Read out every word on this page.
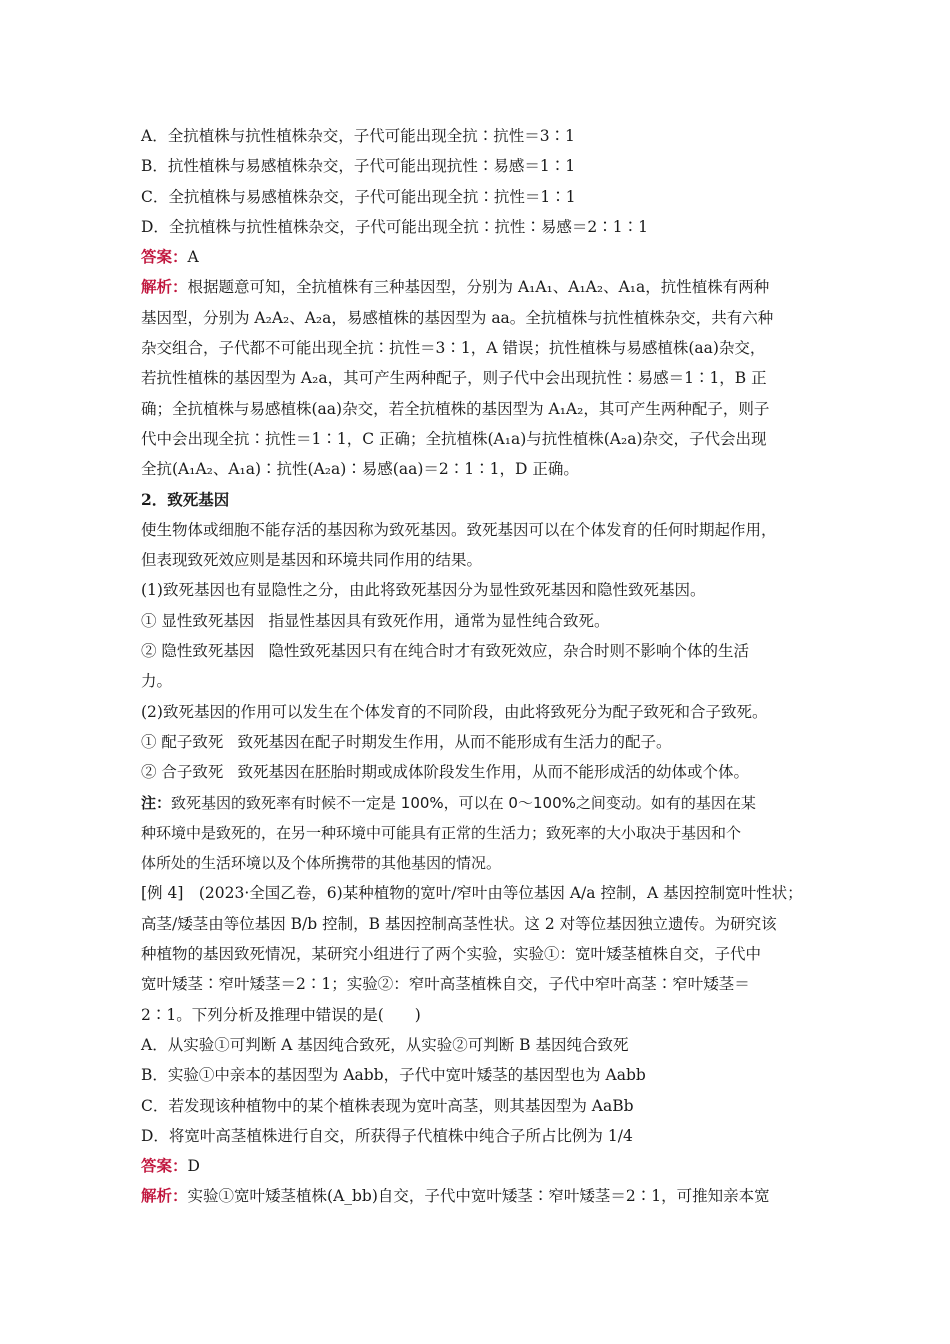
A．全抗植株与抗性植株杂交，子代可能出现全抗∶抗性＝3∶1
B．抗性植株与易感植株杂交，子代可能出现抗性∶易感＝1∶1
C．全抗植株与易感植株杂交，子代可能出现全抗∶抗性＝1∶1
D．全抗植株与抗性植株杂交，子代可能出现全抗∶抗性∶易感＝2∶1∶1
答案：A
解析：根据题意可知，全抗植株有三种基因型，分别为 A₁A₁、A₁A₂、A₁a，抗性植株有两种
基因型，分别为 A₂A₂、A₂a，易感植株的基因型为 aa。全抗植株与抗性植株杂交，共有六种
杂交组合，子代都不可能出现全抗∶抗性＝3∶1，A 错误；抗性植株与易感植株(aa)杂交，
若抗性植株的基因型为 A₂a，其可产生两种配子，则子代中会出现抗性∶易感＝1∶1，B 正
确；全抗植株与易感植株(aa)杂交，若全抗植株的基因型为 A₁A₂，其可产生两种配子，则子
代中会出现全抗∶抗性＝1∶1，C 正确；全抗植株(A₁a)与抗性植株(A₂a)杂交，子代会出现
全抗(A₁A₂、A₁a)∶抗性(A₂a)∶易感(aa)＝2∶1∶1，D 正确。
2．致死基因
使生物体或细胞不能存活的基因称为致死基因。致死基因可以在个体发育的任何时期起作用，
但表现致死效应则是基因和环境共同作用的结果。
(1)致死基因也有显隐性之分，由此将致死基因分为显性致死基因和隐性致死基因。
① 显性致死基因 指显性基因具有致死作用，通常为显性纯合致死。
② 隐性致死基因 隐性致死基因只有在纯合时才有致死效应，杂合时则不影响个体的生活
力。
(2)致死基因的作用可以发生在个体发育的不同阶段，由此将致死分为配子致死和合子致死。
① 配子致死 致死基因在配子时期发生作用，从而不能形成有生活力的配子。
② 合子致死 致死基因在胚胎时期或成体阶段发生作用，从而不能形成活的幼体或个体。
注：致死基因的致死率有时候不一定是 100%，可以在 0～100%之间变动。如有的基因在某
种环境中是致死的，在另一种环境中可能具有正常的生活力；致死率的大小取决于基因和个
体所处的生活环境以及个体所携带的其他基因的情况。
[例 4]　(2023·全国乙卷，6)某种植物的宽叶/窄叶由等位基因 A/a 控制，A 基因控制宽叶性状；
高茎/矮茎由等位基因 B/b 控制，B 基因控制高茎性状。这 2 对等位基因独立遗传。为研究该
种植物的基因致死情况，某研究小组进行了两个实验，实验①：宽叶矮茎植株自交，子代中
宽叶矮茎∶窄叶矮茎＝2∶1；实验②：窄叶高茎植株自交，子代中窄叶高茎∶窄叶矮茎＝
2∶1。下列分析及推理中错误的是(　　)
A．从实验①可判断 A 基因纯合致死，从实验②可判断 B 基因纯合致死
B．实验①中亲本的基因型为 Aabb，子代中宽叶矮茎的基因型也为 Aabb
C．若发现该种植物中的某个植株表现为宽叶高茎，则其基因型为 AaBb
D．将宽叶高茎植株进行自交，所获得子代植株中纯合子所占比例为 1/4
答案：D
解析：实验①宽叶矮茎植株(A_bb)自交，子代中宽叶矮茎∶窄叶矮茎＝2∶1，可推知亲本宽
